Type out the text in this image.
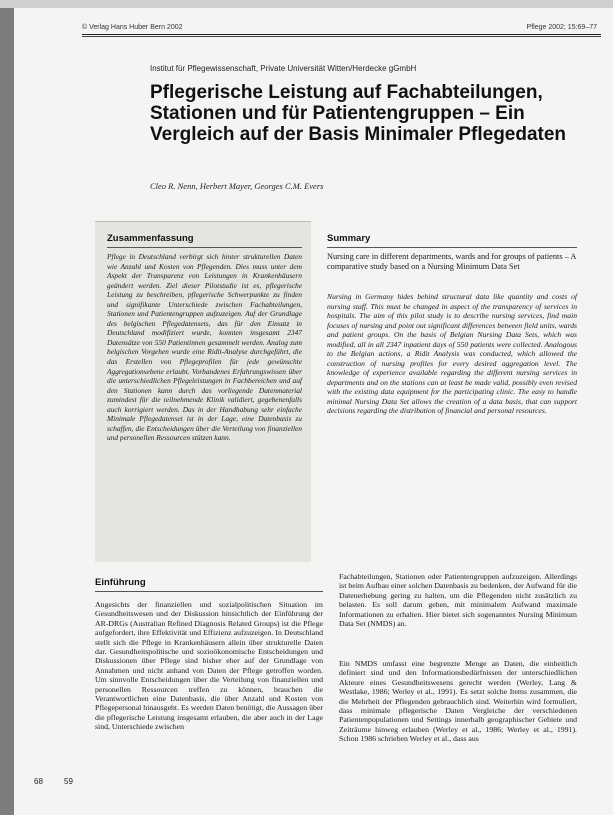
© Verlag Hans Huber Bern 2002	Pflege 2002; 15:69–77
Institut für Pflegewissenschaft, Private Universität Witten/Herdecke gGmbH
Pflegerische Leistung auf Fachabteilungen, Stationen und für Patientengruppen – Ein Vergleich auf der Basis Minimaler Pflegedaten
Cleo R. Nenn, Herbert Mayer, Georges C.M. Evers
Zusammenfassung

Pflege in Deutschland verbirgt sich hinter strukturellen Daten wie Anzahl und Kosten von Pflegenden. Dies muss unter dem Aspekt der Transparenz von Leistungen in Krankenhäusern geändert werden. Ziel dieser Pilotstudie ist es, pflegerische Leistung zu beschreiben, pflegerische Schwerpunkte zu finden und signifikante Unterschiede zwischen Fachabteilungen, Stationen und Patientengruppen aufzuzeigen. Auf der Grundlage des belgischen Pflegedatensets, das für den Einsatz in Deutschland modifiziert wurde, konnten insgesamt 2347 Datensätze von 550 Patientinnen gesammelt werden. Analog zum belgischen Vorgehen wurde eine Ridit-Analyse durchgeführt, die das Erstellen von Pflegeprofilen für jede gewünschte Aggregationsebene erlaubt. Vorhandenes Erfahrungswissen über die unterschiedlichen Pflegeleistungen in Fachbereichen und auf den Stationen kann durch das vorliegende Datenmaterial zumindest für die teilnehmende Klinik validiert, gegebenenfalls auch korrigiert werden. Das in der Handhabung sehr einfache Minimale Pflegedatenset ist in der Lage, eine Datenbasis zu schaffen, die Entscheidungen über die Verteilung von finanziellen und personellen Ressourcen stützen kann.

Summary

Nursing care in different departments, wards and for groups of patients – A comparative study based on a Nursing Minimum Data Set

Nursing in Germany hides behind structural data like quantity and costs of nursing staff. This must be changed in aspect of the transparency of services in hospitals. The aim of this pilot study is to describe nursing services, find main focuses of nursing and point out significant differences between fleld units, wards and patient groups. On the basis of Belgian Nursing Data Sets, which was modified, all in all 2347 inpatient days of 550 patients were collected. Analogous to the Belgian actions, a Ridit Analysis was conducted, which allowed the construction of nursing profiles for every desired aggregation level. The knowledge of experience available regarding the different nursing services in departments and on the stations can at least be made valid, possibly even revised with the existing data equipment for the participating clinic. The easy to handle minimal Nursing Data Set allows the creation of a data basis, that can support decisions regarding the distribution of financial and personal resources.

Einführung

Angesichts der finanziellen und sozialpolitischen Situation im Gesundheitswesen und der Diskussion hinsichtlich der Einführung der AR-DRGs (Australian Refined Diagnosis Related Groups) ist die Pflege aufgefordert, ihre Effektivität und Effizienz aufzuzeigen. In Deutschland stellt sich die Pflege in Krankenhäusern allein über strukturelle Daten dar. Gesundheitspolitische und sozioökonomische Entscheidungen und Diskussionen über Pflege sind bisher eher auf der Grundlage von Annahmen und nicht anhand von Daten der Pflege getroffen worden. Um sinnvolle Entscheidungen über die Verteilung von finanziellen und personellen Ressourcen treffen zu können, brauchen die Verantwortlichen eine Datenbasis, die über Anzahl und Kosten von Pflegepersonal hinausgeht. Es werden Daten benötigt, die Aussagen über die pflegerische Leistung insgesamt erlauben, die aber auch in der Lage sind, Unterschiede zwischen

Fachabteilungen, Stationen oder Patientengruppen aufzuzeigen. Allerdings ist beim Aufbau einer solchen Datenbasis zu bedenken, der Aufwand für die Datenerhebung gering zu halten, um die Pflegenden nicht zusätzlich zu belasten. Es soll darum gehen, mit minimalem Aufwand maximale Informationen zu erhalten. Hier bietet sich sogenanntes Nursing Minimum Data Set (NMDS) an.

Ein NMDS umfasst eine begrenzte Menge an Daten, die einheitlich definiert sind und den Informationsbedürfnissen der unterschiedlichen Akteure eines Gesundheitswesens gerecht werden (Werley, Lang & Westlake, 1986; Werley et al., 1991). Es setzt solche Items zusammen, die die Mehrheit der Pflegenden gebrauchlich sind. Weiterhin wird formuliert, dass minimale pflegerische Daten Vergleiche der verschiedenen Patientenpopulationen und Settings innerhalb geographischer Gebiete und Zeiträume hinweg erlauben (Werley et al., 1986; Werley et al., 1991). Schon 1986 schrieben Werley et al., dass aus

68	59
